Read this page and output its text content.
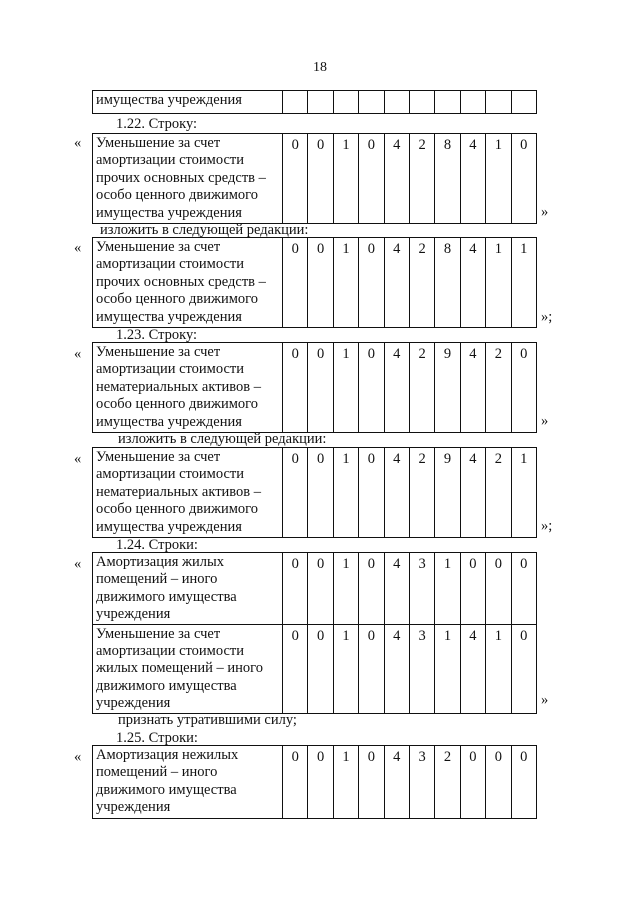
18
имущества учреждения										
1.22. Строку:
« Уменьшение за счет амортизации стоимости прочих основных средств – особо ценного движимого имущества учреждения	0	0	1	0	4	2	8	4	1	0
»
изложить в следующей редакции:
« Уменьшение за счет амортизации стоимости прочих основных средств – особо ценного движимого имущества учреждения	0	0	1	0	4	2	8	4	1	1
»;
1.23. Строку:
« Уменьшение за счет амортизации стоимости нематериальных активов – особо ценного движимого имущества учреждения	0	0	1	0	4	2	9	4	2	0
»
изложить в следующей редакции:
« Уменьшение за счет амортизации стоимости нематериальных активов – особо ценного движимого имущества учреждения	0	0	1	0	4	2	9	4	2	1
»;
1.24. Строки:
« Амортизация жилых помещений – иного движимого имущества учреждения	0	0	1	0	4	3	1	0	0	0
Уменьшение за счет амортизации стоимости жилых помещений – иного движимого имущества учреждения	0	0	1	0	4	3	1	4	1	0
»
признать утратившими силу;
1.25. Строки:
« Амортизация нежилых помещений – иного движимого имущества учреждения	0	0	1	0	4	3	2	0	0	0
